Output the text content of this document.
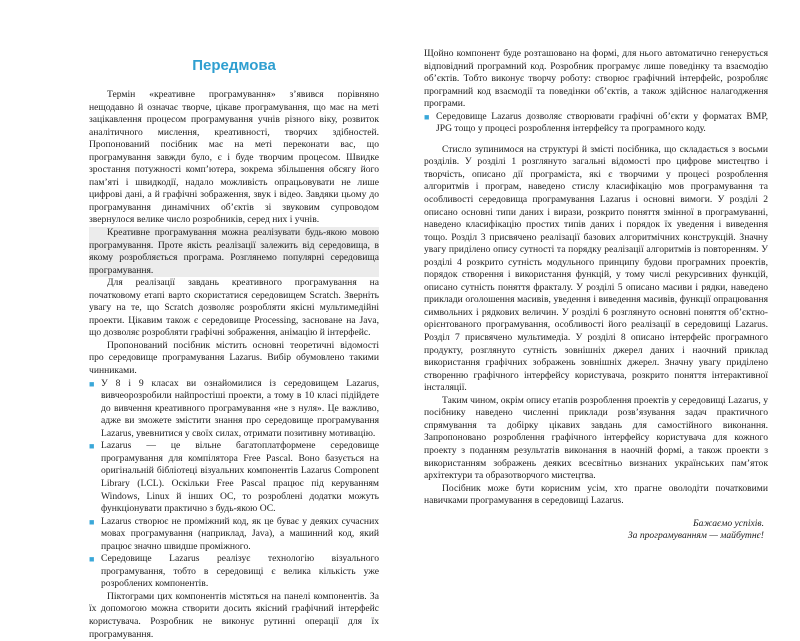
Передмова

Термін «креативне програмування» з’явився порівняно нещодавно й означає творче, цікаве програмування, що має на меті зацікавлення процесом програмування учнів різного віку, розвиток аналітичного мислення, креативності, творчих здібностей. Пропонований посібник має на меті переконати вас, що програмування завжди було, є і буде творчим процесом. Швидке зростання потужності комп’ютера, зокрема збільшення обсягу його пам’яті і швидкодії, надало можливість опрацьовувати не лише цифрові дані, а й графічні зображення, звук і відео. Завдяки цьому до програмування динамічних об’єктів зі звуковим супроводом звернулося велике число розробників, серед них і учнів.

Креативне програмування можна реалізувати будь-якою мовою програмування. Проте якість реалізації залежить від середовища, в якому розробляється програма. Розглянемо популярні середовища програмування.

Для реалізації завдань креативного програмування на початковому етапі варто скористатися середовищем Scratch. Зверніть увагу на те, що Scratch дозволяє розробляти якісні мультимедійні проекти. Цікавим також є середовище Processing, засноване на Java, що дозволяє розробляти графічні зображення, анімацію й інтерфейс.

Пропонований посібник містить основні теоретичні відомості про середовище програмування Lazarus. Вибір обумовлено такими чинниками.

■ У 8 і 9 класах ви ознайомилися із середовищем Lazarus, вивчеорозробили найпростіші проекти, а тому в 10 класі підійдете до вивчення креативного програмування «не з нуля». Це важливо, адже ви зможете змістити знання про середовище програмування Lazarus, увевнитися у своїх силах, отримати позитивну мотивацію.
■ Lazarus — це вільне багатоплатформене середовище програмування для компілятора Free Pascal. Воно базується на оригінальній бібліотеці візуальних компонентів Lazarus Component Library (LCL). Оскільки Free Pascal працює під керуванням Windows, Linux й інших ОС, то розроблені додатки можуть функціонувати практично з будь-якою ОС.
■ Lazarus створює не проміжний код, як це буває у деяких сучасних мовах програмування (наприклад, Java), а машинний код, який працює значно швидше проміжного.
■ Середовище Lazarus реалізує технологію візуального програмування, тобто в середовищі є велика кількість уже розроблених компонентів.

Піктограми цих компонентів містяться на панелі компонентів. За їх допомогою можна створити досить якісний графічний інтерфейс користувача. Розробник не виконує рутинні операції для їх програмування.

Щойно компонент буде розташовано на формі, для нього автоматично генерується відповідний програмний код. Розробник програмує лише поведінку та взаємодію об’єктів. Тобто виконує творчу роботу: створює графічний інтерфейс, розробляє програмний код взаємодії та поведінки об’єктів, а також здійснює налагодження програми.

■ Середовище Lazarus дозволяє створювати графічні об’єкти у форматах BMP, JPG тощо у процесі розроблення інтерфейсу та програмного коду.

Стисло зупинимося на структурі й змісті посібника, що складається з восьми розділів. У розділі 1 розглянуто загальні відомості про цифрове мистецтво і творчість, описано дії програміста, які є творчими у процесі розроблення алгоритмів і програм, наведено стислу класифікацію мов програмування та особливості середовища програмування Lazarus і основні вимоги. У розділі 2 описано основні типи даних і вирази, розкрито поняття змінної в програмуванні, наведено класифікацію простих типів даних і порядок їх уведення і виведення тощо. Розділ 3 присвячено реалізації базових алгоритмічних конструкцій. Значну увагу приділено опису сутності та порядку реалізації алгоритмів із повторенням. У розділі 4 розкрито сутність модульного принципу будови програмних проектів, порядок створення і використання функцій, у тому числі рекурсивних функцій, описано сутність поняття фракталу. У розділі 5 описано масиви і рядки, наведено приклади оголошення масивів, уведення і виведення масивів, функції опрацювання символьних і рядкових величин. У розділі 6 розглянуто основні поняття об’єктно-орієнтованого програмування, особливості його реалізації в середовищі Lazarus. Розділ 7 присвячено мультимедіа. У розділі 8 описано інтерфейс програмного продукту, розглянуто сутність зовнішніх джерел даних і наочний приклад використання графічних зображень зовнішніх джерел. Значну увагу приділено створенню графічного інтерфейсу користувача, розкрито поняття інтерактивної інсталяції.

Таким чином, окрім опису етапів розроблення проектів у середовищі Lazarus, у посібнику наведено численні приклади розв’язування задач практичного спрямування та добірку цікавих завдань для самостійного виконання. Запропоновано розроблення графічного інтерфейсу користувача для кожного проекту з поданням результатів виконання в наочній формі, а також проекти з використанням зображень деяких всесвітньо визнаних українських пам’яток архітектури та образотворчого мистецтва.

Посібник може бути корисним усім, хто прагне оволодіти початковими навичками програмування в середовищі Lazarus.

Бажаємо успіхів.

За програмуванням — майбутнє!
